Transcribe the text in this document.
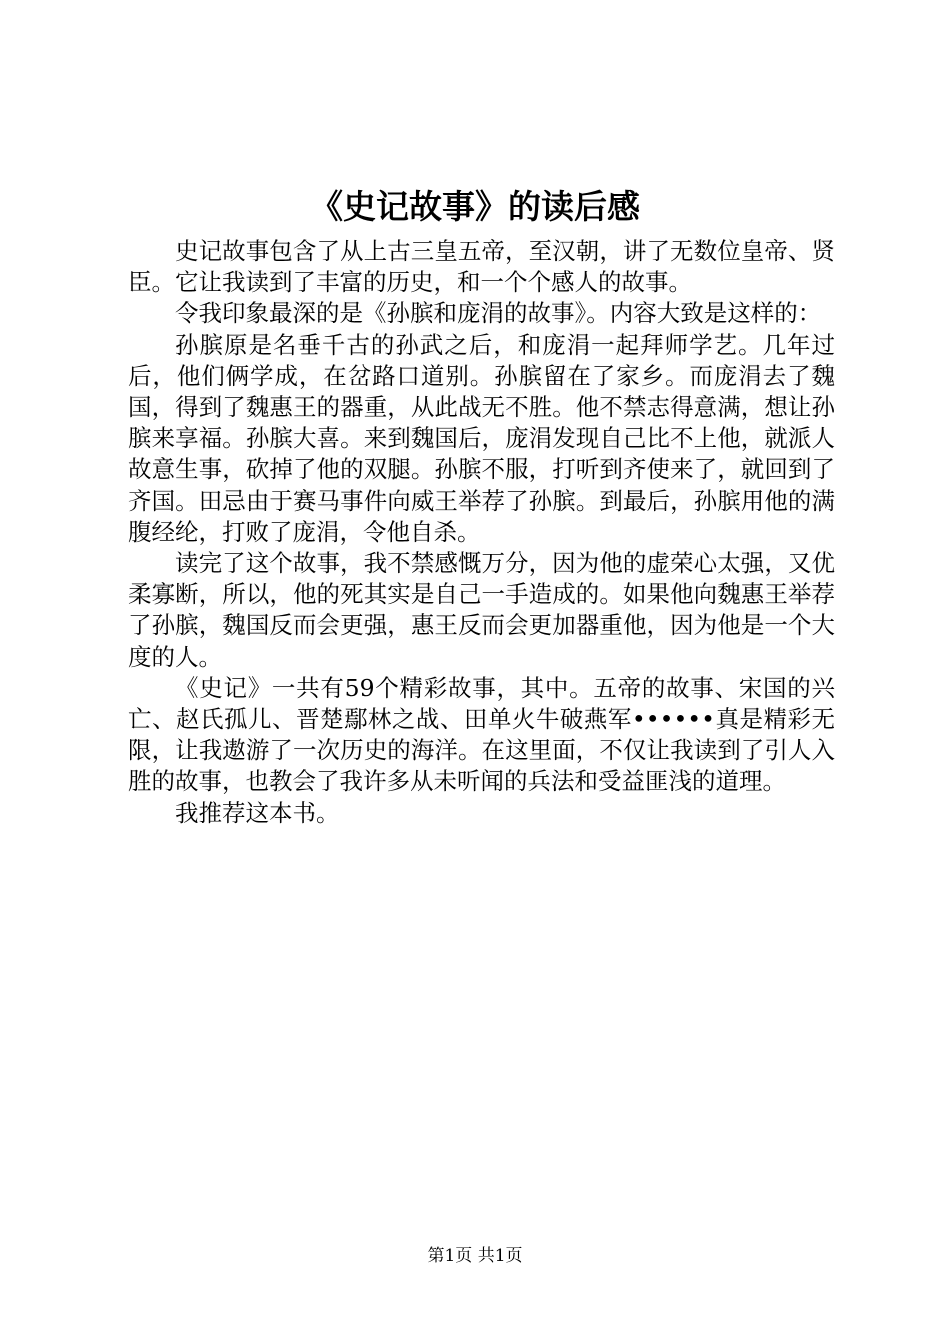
《史记故事》的读后感

史记故事包含了从上古三皇五帝，至汉朝，讲了无数位皇帝、贤臣。它让我读到了丰富的历史，和一个个感人的故事。

令我印象最深的是《孙膑和庞涓的故事》。内容大致是这样的：

孙膑原是名垂千古的孙武之后，和庞涓一起拜师学艺。几年过后，他们俩学成，在岔路口道别。孙膑留在了家乡。而庞涓去了魏国，得到了魏惠王的器重，从此战无不胜。他不禁志得意满，想让孙膑来享福。孙膑大喜。来到魏国后，庞涓发现自己比不上他，就派人故意生事，砍掉了他的双腿。孙膑不服，打听到齐使来了，就回到了齐国。田忌由于赛马事件向威王举荐了孙膑。到最后，孙膑用他的满腹经纶，打败了庞涓，令他自杀。

读完了这个故事，我不禁感慨万分，因为他的虚荣心太强，又优柔寡断，所以，他的死其实是自己一手造成的。如果他向魏惠王举荐了孙膑，魏国反而会更强，惠王反而会更加器重他，因为他是一个大度的人。

《史记》一共有59个精彩故事，其中。五帝的故事、宋国的兴亡、赵氏孤儿、晋楚鄢林之战、田单火牛破燕军••••••真是精彩无限，让我遨游了一次历史的海洋。在这里面，不仅让我读到了引人入胜的故事，也教会了我许多从未听闻的兵法和受益匪浅的道理。

我推荐这本书。

第1页 共1页
